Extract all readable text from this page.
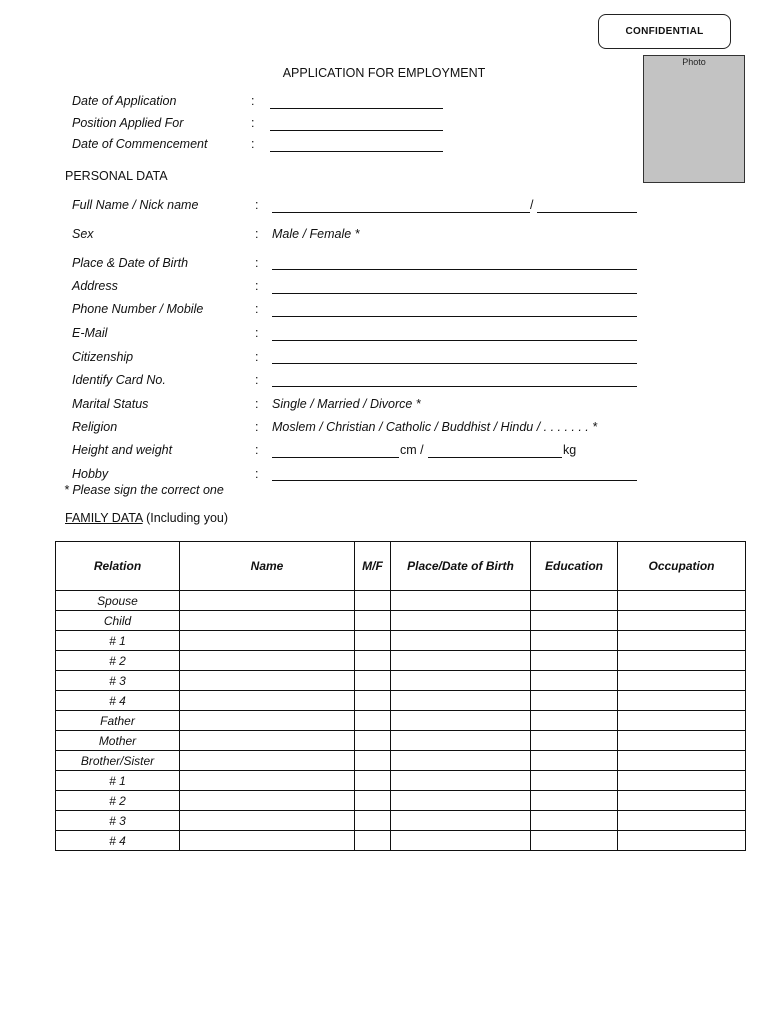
CONFIDENTIAL
Photo
APPLICATION FOR EMPLOYMENT
Date of Application	:
Position Applied For	:
Date of Commencement	:
PERSONAL DATA
Full Name / Nick name	:	/
Sex	: Male / Female *
Place & Date of Birth	:
Address	:
Phone Number / Mobile	:
E-Mail	:
Citizenship	:
Identify Card No.	:
Marital Status	: Single / Married / Divorce *
Religion	: Moslem / Christian / Catholic / Buddhist / Hindu / . . . . . . . *
Height and weight	:	cm /	kg
Hobby	:
* Please sign the correct one
FAMILY DATA (Including you)
Relation	Name	M/F	Place/Date of Birth	Education	Occupation
Spouse					
Child					
# 1					
# 2					
# 3					
# 4					
Father					
Mother					
Brother/Sister					
# 1					
# 2					
# 3					
# 4					
